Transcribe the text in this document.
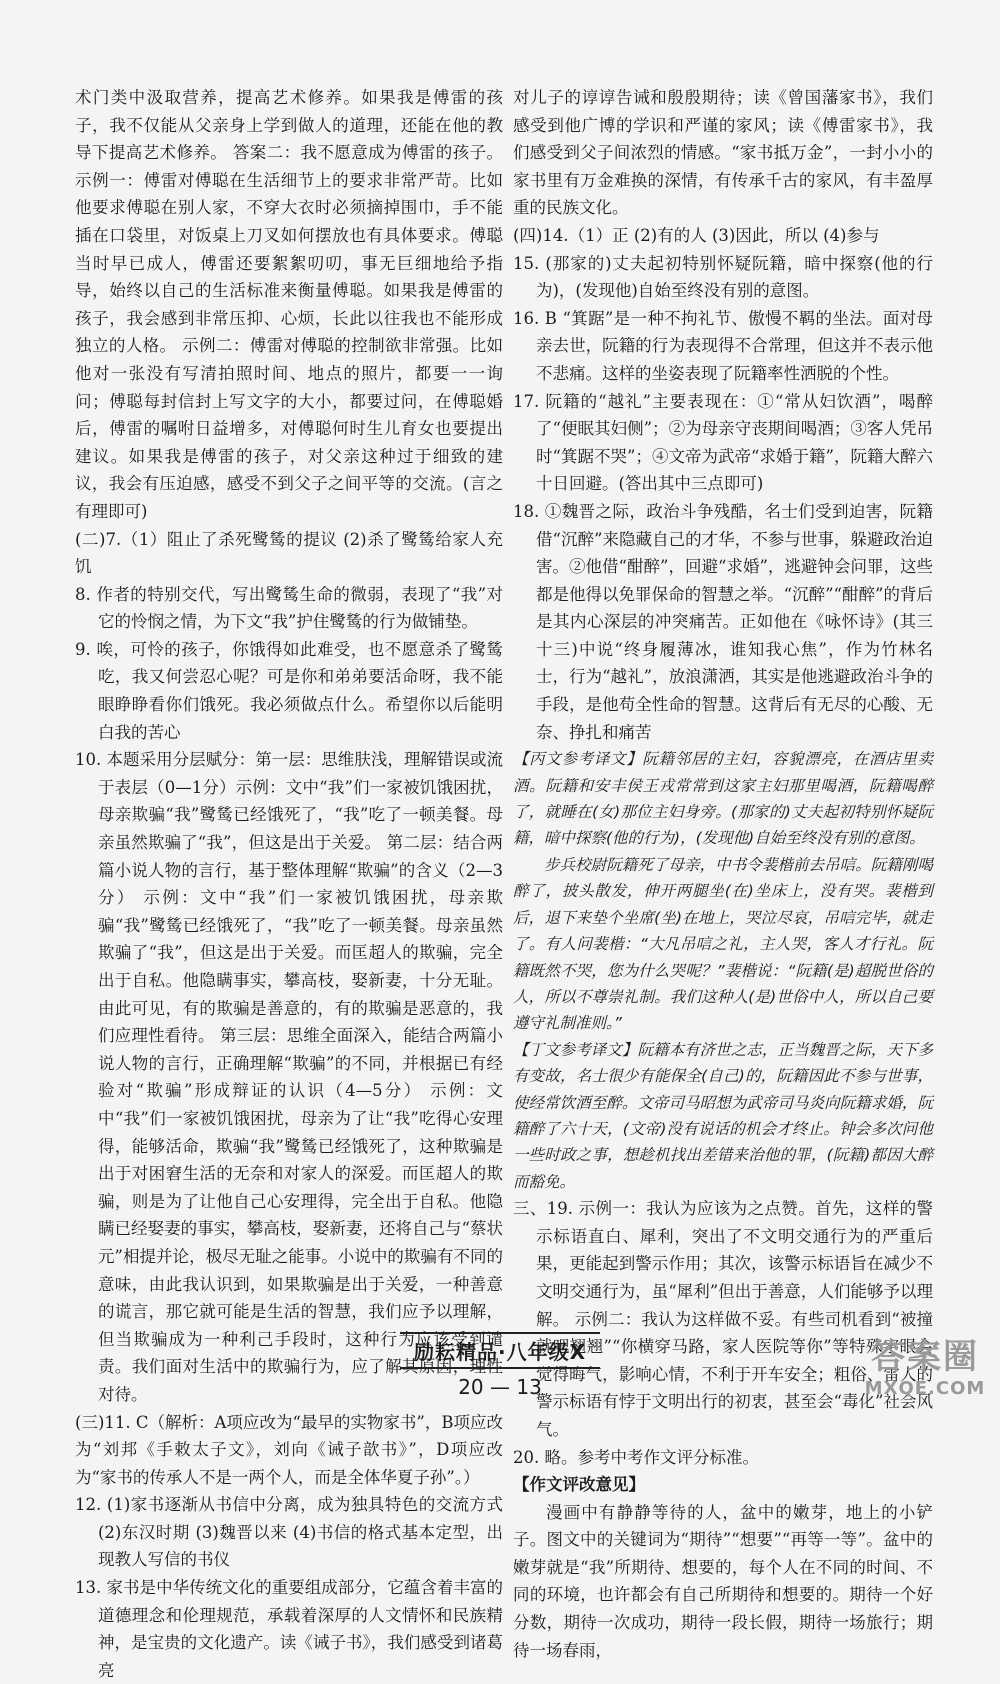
术门类中汲取营养，提高艺术修养。如果我是傅雷的孩子，我不仅能从父亲身上学到做人的道理，还能在他的教导下提高艺术修养。 答案二：我不愿意成为傅雷的孩子。 示例一：傅雷对傅聪在生活细节上的要求非常严苛。比如他要求傅聪在别人家，不穿大衣时必须摘掉围巾，手不能插在口袋里，对饭桌上刀叉如何摆放也有具体要求。傅聪当时早已成人，傅雷还要絮絮叨叨，事无巨细地给予指导，始终以自己的生活标准来衡量傅聪。如果我是傅雷的孩子，我会感到非常压抑、心烦，长此以往我也不能形成独立的人格。 示例二：傅雷对傅聪的控制欲非常强。比如他对一张没有写清拍照时间、地点的照片，都要一一询问；傅聪每封信封上写文字的大小，都要过问，在傅聪婚后，傅雷的嘱咐日益增多，对傅聪何时生儿育女也要提出建议。如果我是傅雷的孩子，对父亲这种过于细致的建议，我会有压迫感，感受不到父子之间平等的交流。(言之有理即可)

(二)7.（1）阻止了杀死鹭鸶的提议 (2)杀了鹭鸶给家人充饥

8. 作者的特别交代，写出鹭鸶生命的微弱，表现了“我”对它的怜悯之情，为下文“我”护住鹭鸶的行为做铺垫。

9. 唉，可怜的孩子，你饿得如此难受，也不愿意杀了鹭鸶吃，我又何尝忍心呢？可是你和弟弟要活命呀，我不能眼睁睁看你们饿死。我必须做点什么。希望你以后能明白我的苦心

10. 本题采用分层赋分：第一层：思维肤浅，理解错误或流于表层（0—1分）示例：文中“我”们一家被饥饿困扰，母亲欺骗“我”鹭鸶已经饿死了，“我”吃了一顿美餐。母亲虽然欺骗了“我”，但这是出于关爱。 第二层：结合两篇小说人物的言行，基于整体理解“欺骗”的含义（2—3分） 示例：文中“我”们一家被饥饿困扰，母亲欺骗“我”鹭鸶已经饿死了，“我”吃了一顿美餐。母亲虽然欺骗了“我”，但这是出于关爱。而匡超人的欺骗，完全出于自私。他隐瞒事实，攀高枝，娶新妻，十分无耻。由此可见，有的欺骗是善意的，有的欺骗是恶意的，我们应理性看待。 第三层：思维全面深入，能结合两篇小说人物的言行，正确理解“欺骗”的不同，并根据已有经验对“欺骗”形成辩证的认识（4—5分） 示例：文中“我”们一家被饥饿困扰，母亲为了让“我”吃得心安理得，能够活命，欺骗“我”鹭鸶已经饿死了，这种欺骗是出于对困窘生活的无奈和对家人的深爱。而匡超人的欺骗，则是为了让他自己心安理得，完全出于自私。他隐瞒已经娶妻的事实，攀高枝，娶新妻，还将自己与“蔡状元”相提并论，极尽无耻之能事。小说中的欺骗有不同的意味，由此我认识到，如果欺骗是出于关爱，一种善意的谎言，那它就可能是生活的智慧，我们应予以理解，但当欺骗成为一种利己手段时，这种行为应该受到谴责。我们面对生活中的欺骗行为，应了解其原因，理性对待。

(三)11. C（解析：A项应改为“最早的实物家书”，B项应改为“刘邦《手敕太子文》，刘向《诫子歆书》”，D项应改为“家书的传承人不是一两个人，而是全体华夏子孙”。）

12. (1)家书逐渐从书信中分离，成为独具特色的交流方式 (2)东汉时期 (3)魏晋以来 (4)书信的格式基本定型，出现教人写信的书仪

13. 家书是中华传统文化的重要组成部分，它蕴含着丰富的道德理念和伦理规范，承载着深厚的人文情怀和民族精神，是宝贵的文化遗产。读《诫子书》，我们感受到诸葛亮

对儿子的谆谆告诫和殷殷期待；读《曾国藩家书》，我们感受到他广博的学识和严谨的家风；读《傅雷家书》，我们感受到父子间浓烈的情感。“家书抵万金”，一封小小的家书里有万金难换的深情，有传承千古的家风，有丰盈厚重的民族文化。

(四)14.（1）正 (2)有的人 (3)因此，所以 (4)参与

15. (那家的)丈夫起初特别怀疑阮籍，暗中探察(他的行为)，(发现他)自始至终没有别的意图。

16. B “箕踞”是一种不拘礼节、傲慢不羁的坐法。面对母亲去世，阮籍的行为表现得不合常理，但这并不表示他不悲痛。这样的坐姿表现了阮籍率性洒脱的个性。

17. 阮籍的“越礼”主要表现在：①“常从妇饮酒”，喝醉了“便眠其妇侧”；②为母亲守丧期间喝酒；③客人凭吊时“箕踞不哭”；④文帝为武帝“求婚于籍”，阮籍大醉六十日回避。(答出其中三点即可)

18. ①魏晋之际，政治斗争残酷，名士们受到迫害，阮籍借“沉醉”来隐藏自己的才华，不参与世事，躲避政治迫害。②他借“酣醉”，回避“求婚”，逃避钟会问罪，这些都是他得以免罪保命的智慧之举。“沉醉”“酣醉”的背后是其内心深层的冲突痛苦。正如他在《咏怀诗》(其三十三)中说“终身履薄冰，谁知我心焦”，作为竹林名士，行为“越礼”，放浪潇洒，其实是他逃避政治斗争的手段，是他苟全性命的智慧。这背后有无尽的心酸、无奈、挣扎和痛苦

【丙文参考译文】阮籍邻居的主妇，容貌漂亮，在酒店里卖酒。阮籍和安丰侯王戎常常到这家主妇那里喝酒，阮籍喝醉了，就睡在(女)那位主妇身旁。(那家的)丈夫起初特别怀疑阮籍，暗中探察(他的行为)，(发现他)自始至终没有别的意图。

步兵校尉阮籍死了母亲，中书令裴楷前去吊唁。阮籍刚喝醉了，披头散发，伸开两腿坐(在)坐床上，没有哭。裴楷到后，退下来垫个坐席(坐)在地上，哭泣尽哀，吊唁完毕，就走了。有人问裴楷：“大凡吊唁之礼，主人哭，客人才行礼。阮籍既然不哭，您为什么哭呢？”裴楷说：“阮籍(是)超脱世俗的人，所以不尊崇礼制。我们这种人(是)世俗中人，所以自己要遵守礼制准则。”

【丁文参考译文】阮籍本有济世之志，正当魏晋之际，天下多有变故，名士很少有能保全(自己)的，阮籍因此不参与世事，使经常饮酒至醉。文帝司马昭想为武帝司马炎向阮籍求婚，阮籍醉了六十天，(文帝)没有说话的机会才终止。钟会多次问他一些时政之事，想趁机找出差错来治他的罪，(阮籍)都因大醉而豁免。

三、19. 示例一：我认为应该为之点赞。首先，这样的警示标语直白、犀利，突出了不文明交通行为的严重后果，更能起到警示作用；其次，该警示标语旨在减少不文明交通行为，虽“犀利”但出于善意，人们能够予以理解。 示例二：我认为这样做不妥。有些司机看到“被撞就吧翘翘”“你横穿马路，家人医院等你”等特殊字眼会觉得晦气，影响心情，不利于开车安全；粗俗、雷人的警示标语有悖于文明出行的初衷，甚至会“毒化”社会风气。

20. 略。参考中考作文评分标准。

【作文评改意见】

漫画中有静静等待的人，盆中的嫩芽，地上的小铲子。图文中的关键词为“期待”“想要”“再等一等”。盆中的嫩芽就是“我”所期待、想要的，每个人在不同的时间、不同的环境，也许都会有自己所期待和想要的。期待一个好分数，期待一次成功，期待一段长假，期待一场旅行；期待一场春雨，

励耘精品·八年级X
20 — 13
答案圈
MXQE.COM
